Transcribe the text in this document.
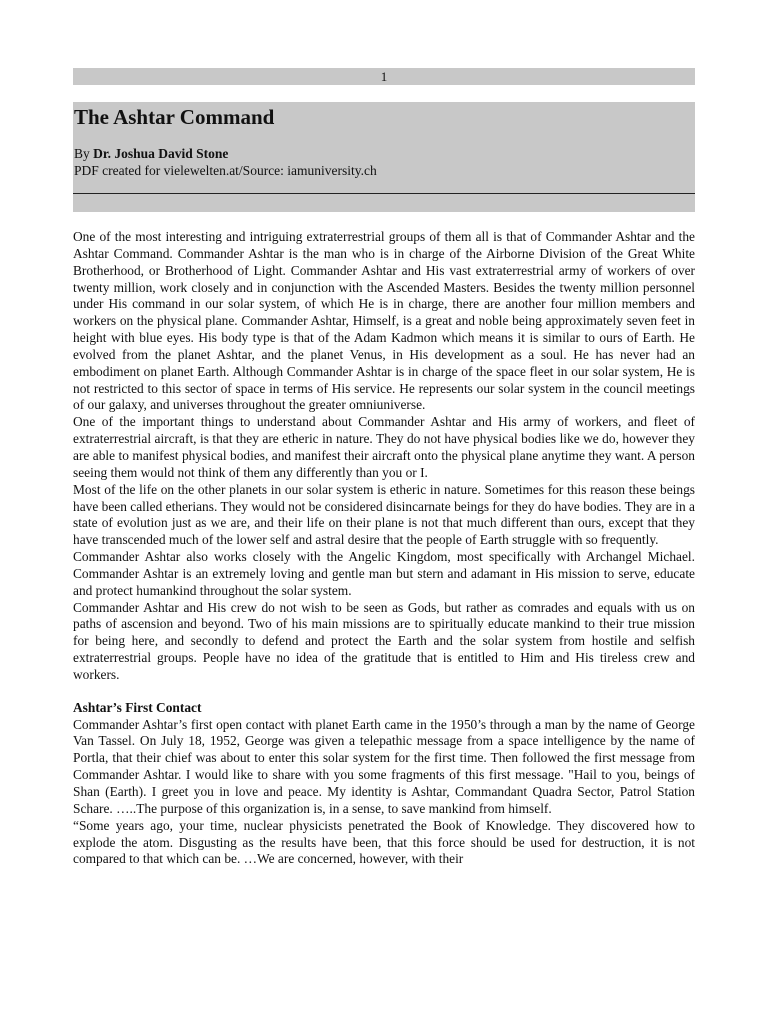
1
The Ashtar Command
By Dr. Joshua David Stone
PDF created for vielewelten.at/Source: iamuniversity.ch

One of the most interesting and intriguing extraterrestrial groups of them all is that of Commander Ashtar and the Ashtar Command. Commander Ashtar is the man who is in charge of the Airborne Division of the Great White Brotherhood, or Brotherhood of Light. Commander Ashtar and His vast extraterrestrial army of workers of over twenty million, work closely and in conjunction with the Ascended Masters. Besides the twenty million personnel under His command in our solar system, of which He is in charge, there are another four million members and workers on the physical plane. Commander Ashtar, Himself, is a great and noble being approximately seven feet in height with blue eyes. His body type is that of the Adam Kadmon which means it is similar to ours of Earth. He evolved from the planet Ashtar, and the planet Venus, in His development as a soul. He has never had an embodiment on planet Earth. Although Commander Ashtar is in charge of the space fleet in our solar system, He is not restricted to this sector of space in terms of His service. He represents our solar system in the council meetings of our galaxy, and universes throughout the greater omniuniverse.

One of the important things to understand about Commander Ashtar and His army of workers, and fleet of extraterrestrial aircraft, is that they are etheric in nature. They do not have physical bodies like we do, however they are able to manifest physical bodies, and manifest their aircraft onto the physical plane anytime they want. A person seeing them would not think of them any differently than you or I.

Most of the life on the other planets in our solar system is etheric in nature. Sometimes for this reason these beings have been called etherians. They would not be considered disincarnate beings for they do have bodies. They are in a state of evolution just as we are, and their life on their plane is not that much different than ours, except that they have transcended much of the lower self and astral desire that the people of Earth struggle with so frequently.

Commander Ashtar also works closely with the Angelic Kingdom, most specifically with Archangel Michael. Commander Ashtar is an extremely loving and gentle man but stern and adamant in His mission to serve, educate and protect humankind throughout the solar system.

Commander Ashtar and His crew do not wish to be seen as Gods, but rather as comrades and equals with us on paths of ascension and beyond. Two of his main missions are to spiritually educate mankind to their true mission for being here, and secondly to defend and protect the Earth and the solar system from hostile and selfish extraterrestrial groups. People have no idea of the gratitude that is entitled to Him and His tireless crew and workers.

Ashtar’s First Contact

Commander Ashtar’s first open contact with planet Earth came in the 1950’s through a man by the name of George Van Tassel. On July 18, 1952, George was given a telepathic message from a space intelligence by the name of Portla, that their chief was about to enter this solar system for the first time. Then followed the first message from Commander Ashtar. I would like to share with you some fragments of this first message. "Hail to you, beings of Shan (Earth). I greet you in love and peace. My identity is Ashtar, Commandant Quadra Sector, Patrol Station Schare. …..The purpose of this organization is, in a sense, to save mankind from himself.

“Some years ago, your time, nuclear physicists penetrated the Book of Knowledge. They discovered how to explode the atom. Disgusting as the results have been, that this force should be used for destruction, it is not compared to that which can be. …We are concerned, however, with their
